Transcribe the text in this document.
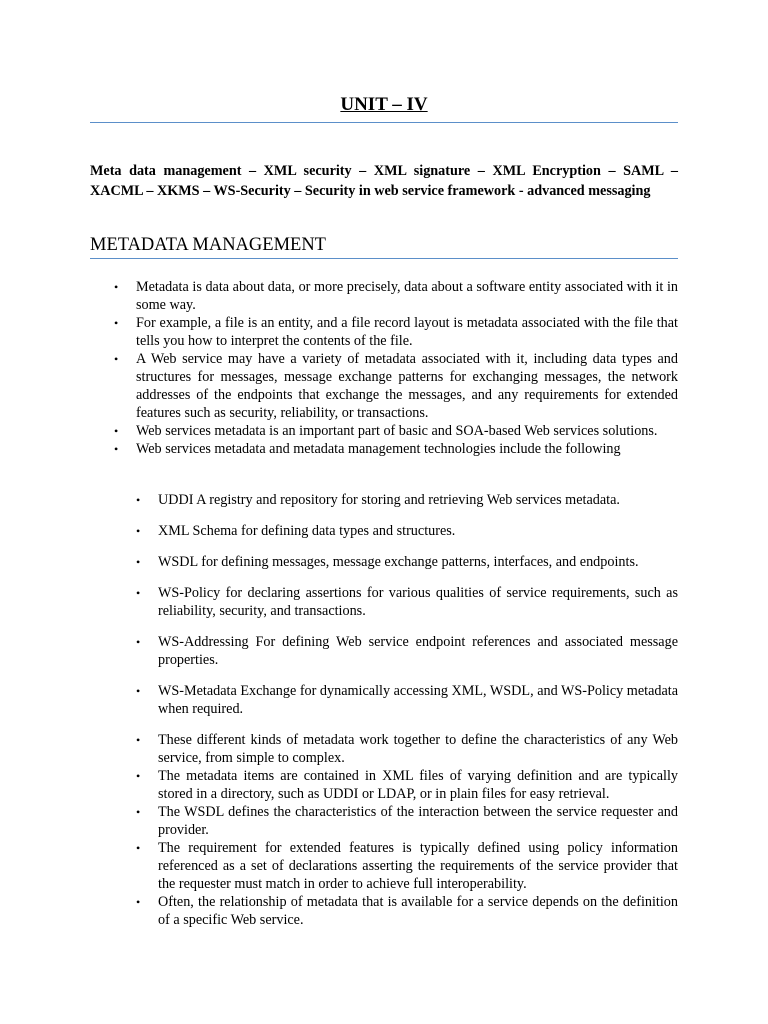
UNIT – IV
Meta data management – XML security – XML signature – XML Encryption – SAML – XACML – XKMS – WS-Security – Security in web service framework - advanced messaging
METADATA MANAGEMENT
• Metadata is data about data, or more precisely, data about a software entity associated with it in some way.
• For example, a file is an entity, and a file record layout is metadata associated with the file that tells you how to interpret the contents of the file.
• A Web service may have a variety of metadata associated with it, including data types and structures for messages, message exchange patterns for exchanging messages, the network addresses of the endpoints that exchange the messages, and any requirements for extended features such as security, reliability, or transactions.
• Web services metadata is an important part of basic and SOA-based Web services solutions.
• Web services metadata and metadata management technologies include the following
• UDDI A registry and repository for storing and retrieving Web services metadata.
• XML Schema for defining data types and structures.
• WSDL for defining messages, message exchange patterns, interfaces, and endpoints.
• WS-Policy for declaring assertions for various qualities of service requirements, such as reliability, security, and transactions.
• WS-Addressing For defining Web service endpoint references and associated message properties.
• WS-Metadata Exchange for dynamically accessing XML, WSDL, and WS-Policy metadata when required.
• These different kinds of metadata work together to define the characteristics of any Web service, from simple to complex.
• The metadata items are contained in XML files of varying definition and are typically stored in a directory, such as UDDI or LDAP, or in plain files for easy retrieval.
• The WSDL defines the characteristics of the interaction between the service requester and provider.
• The requirement for extended features is typically defined using policy information referenced as a set of declarations asserting the requirements of the service provider that the requester must match in order to achieve full interoperability.
• Often, the relationship of metadata that is available for a service depends on the definition of a specific Web service.
